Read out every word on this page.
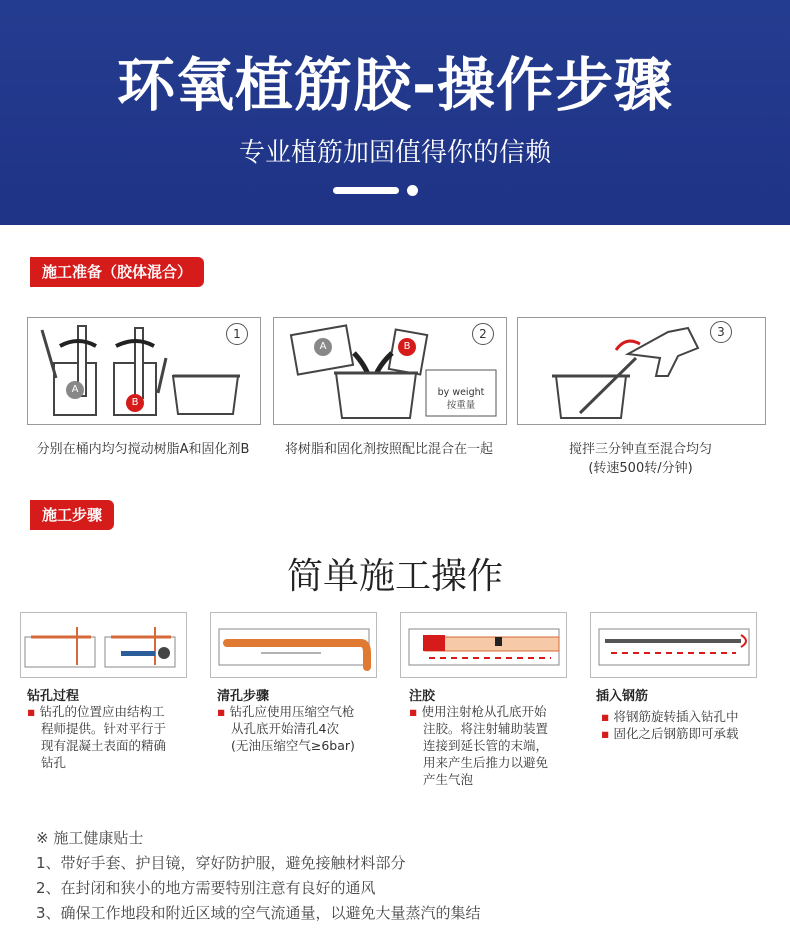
环氧植筋胶-操作步骤
专业植筋加固值得你的信赖
施工准备（胶体混合）
1
A
B
2
A	B
by weight
按重量
3
分别在桶内均匀搅动树脂A和固化剂B	将树脂和固化剂按照配比混合在一起	搅拌三分钟直至混合均匀
(转速500转/分钟)
施工步骤
简单施工操作
钻孔过程
▪ 钻孔的位置应由结构工
程师提供。针对平行于
现有混凝土表面的精确
钻孔
清孔步骤
▪ 钻孔应使用压缩空气枪
从孔底开始清孔4次
(无油压缩空气≥6bar)
注胶
▪ 使用注射枪从孔底开始
注胶。将注射辅助装置
连接到延长管的末端，
用来产生后推力以避免
产生气泡
插入钢筋
▪ 将钢筋旋转插入钻孔中
▪ 固化之后钢筋即可承载
※ 施工健康贴士
1、带好手套、护目镜，穿好防护服，避免接触材料部分
2、在封闭和狭小的地方需要特别注意有良好的通风
3、确保工作地段和附近区域的空气流通量，以避免大量蒸汽的集结
